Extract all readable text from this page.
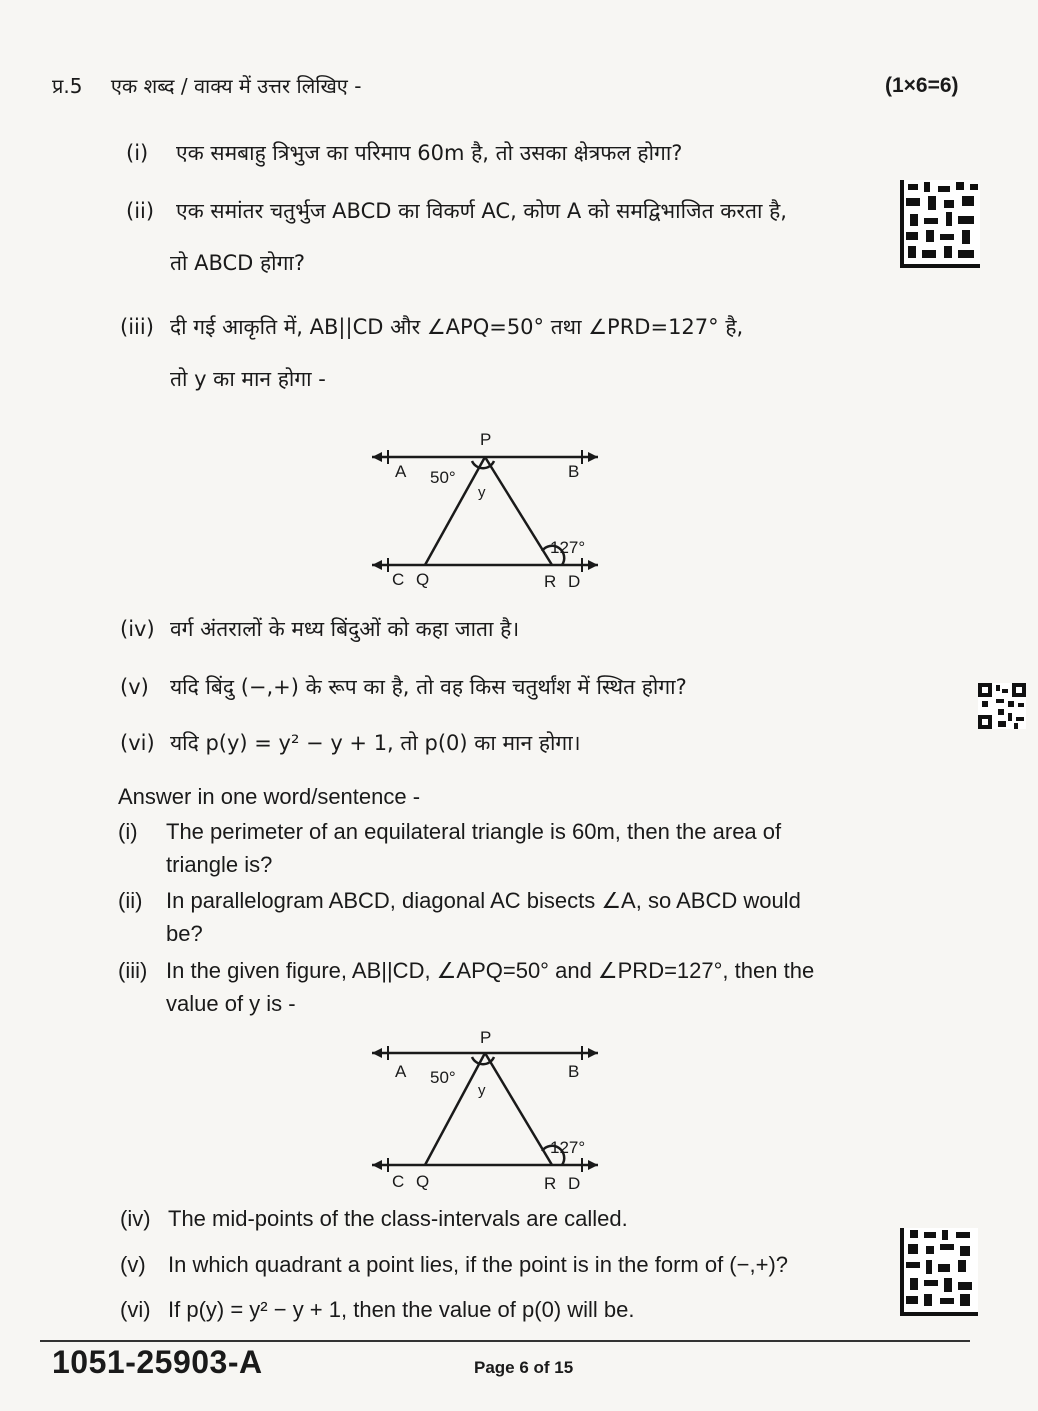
प्र.5 एक शब्द / वाक्य में उत्तर लिखिए -	(1×6=6)
(i) एक समबाहु त्रिभुज का परिमाप 60m है, तो उसका क्षेत्रफल होगा?
(ii) एक समांतर चतुर्भुज ABCD का विकर्ण AC, कोण A को समद्विभाजित करता है,
तो ABCD होगा?
(iii) दी गई आकृति में, AB||CD और ∠APQ=50° तथा ∠PRD=127° है,
तो y का मान होगा -
P
A	B
50°
y
127°
C Q	R D
(iv) वर्ग अंतरालों के मध्य बिंदुओं को कहा जाता है।
(v) यदि बिंदु (−,+) के रूप का है, तो वह किस चतुर्थांश में स्थित होगा?
(vi) यदि p(y) = y² − y + 1, तो p(0) का मान होगा।
Answer in one word/sentence -
(i) The perimeter of an equilateral triangle is 60m, then the area of
triangle is?
(ii) In parallelogram ABCD, diagonal AC bisects ∠A, so ABCD would
be?
(iii) In the given figure, AB||CD, ∠APQ=50° and ∠PRD=127°, then the
value of y is -
P
A	B
50°
y
127°
C Q	R D
(iv) The mid-points of the class-intervals are called.
(v) In which quadrant a point lies, if the point is in the form of (−,+)?
(vi) If p(y) = y² − y + 1, then the value of p(0) will be.
1051-25903-A	Page 6 of 15
